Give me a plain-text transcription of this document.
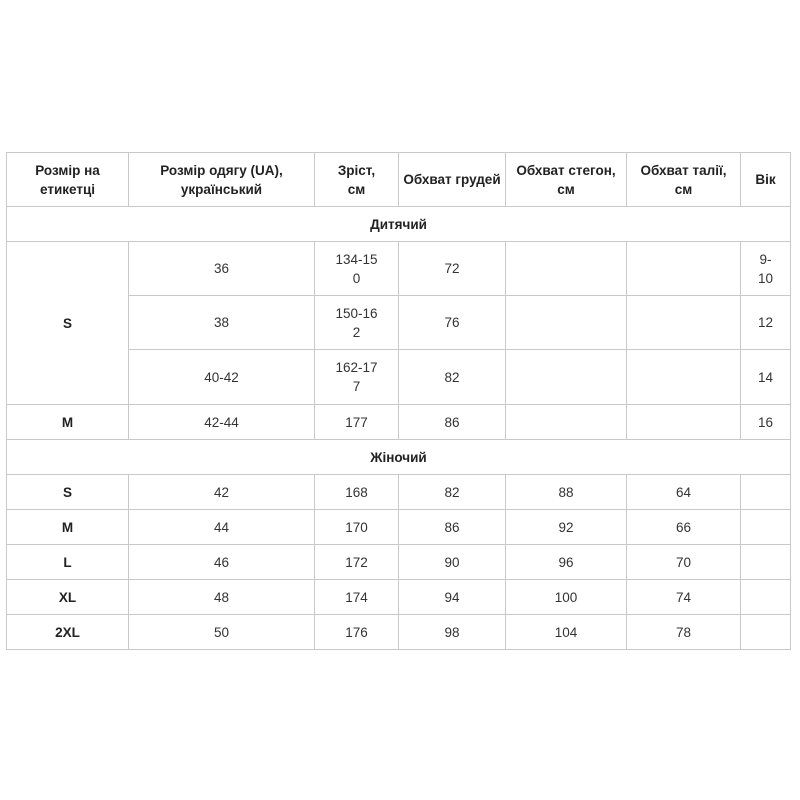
Розмір на етикетці	Розмір одягу (UA), український	Зріст, см	Обхват грудей	Обхват стегон, см	Обхват талії, см	Вік
Дитячий						
S	36	134-150	72			9-10
	38	150-162	76			12
	40-42	162-177	82			14
M	42-44	177	86			16
Жіночий						
S	42	168	82	88	64	
M	44	170	86	92	66	
L	46	172	90	96	70	
XL	48	174	94	100	74	
2XL	50	176	98	104	78	
